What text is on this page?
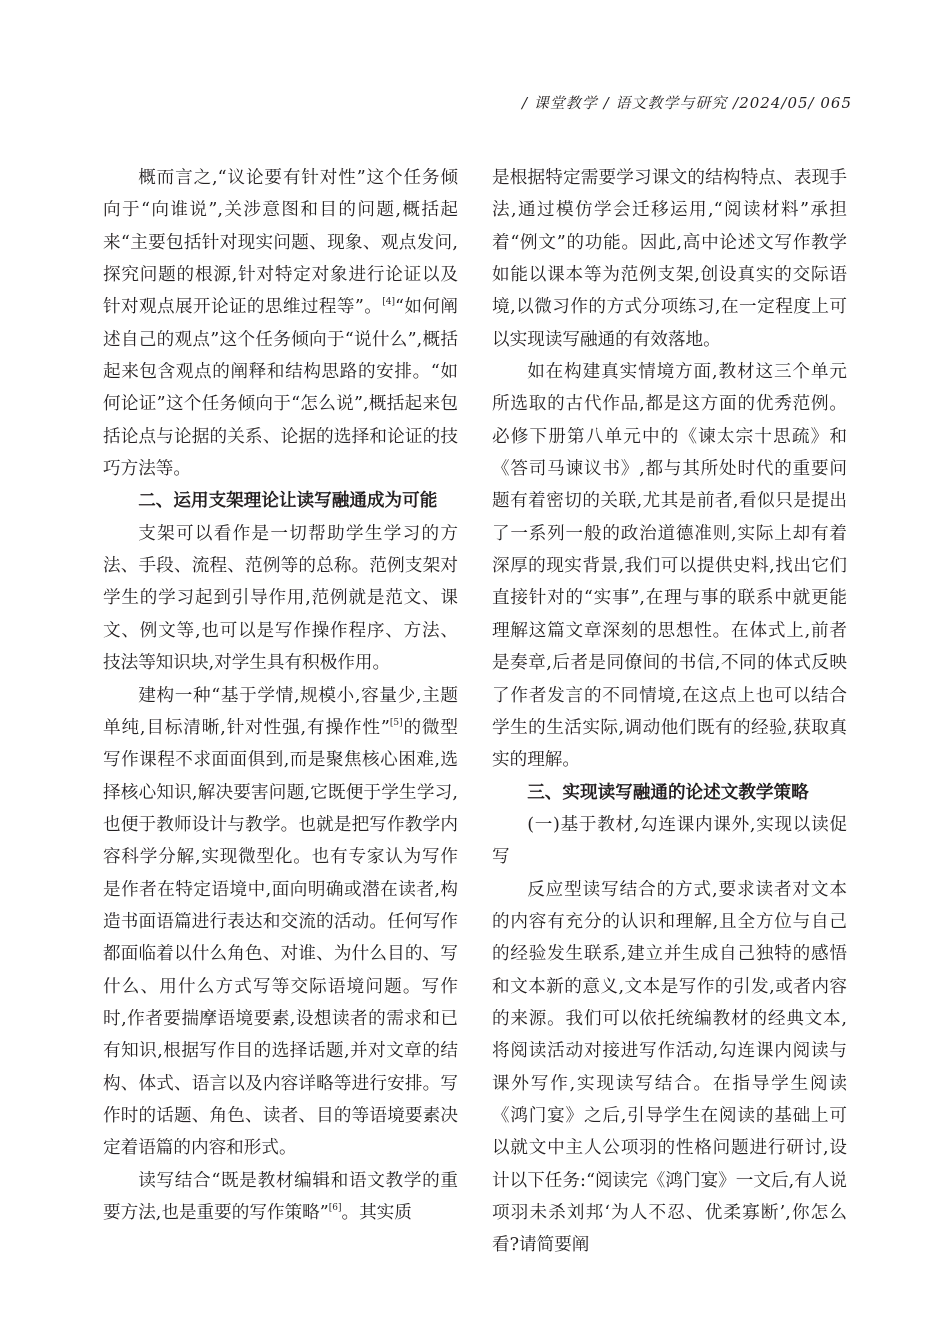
/ 课堂教学 / 语文教学与研究 /2024/05/ 065

概而言之,“议论要有针对性”这个任务倾向于“向谁说”,关涉意图和目的问题,概括起来“主要包括针对现实问题、现象、观点发问,探究问题的根源,针对特定对象进行论证以及针对观点展开论证的思维过程等”。[4]“如何阐述自己的观点”这个任务倾向于“说什么”,概括起来包含观点的阐释和结构思路的安排。“如何论证”这个任务倾向于“怎么说”,概括起来包括论点与论据的关系、论据的选择和论证的技巧方法等。

二、运用支架理论让读写融通成为可能

支架可以看作是一切帮助学生学习的方法、手段、流程、范例等的总称。范例支架对学生的学习起到引导作用,范例就是范文、课文、例文等,也可以是写作操作程序、方法、技法等知识块,对学生具有积极作用。

建构一种“基于学情,规模小,容量少,主题单纯,目标清晰,针对性强,有操作性”[5]的微型写作课程不求面面俱到,而是聚焦核心困难,选择核心知识,解决要害问题,它既便于学生学习,也便于教师设计与教学。也就是把写作教学内容科学分解,实现微型化。也有专家认为写作是作者在特定语境中,面向明确或潜在读者,构造书面语篇进行表达和交流的活动。任何写作都面临着以什么角色、对谁、为什么目的、写什么、用什么方式写等交际语境问题。写作时,作者要揣摩语境要素,设想读者的需求和已有知识,根据写作目的选择话题,并对文章的结构、体式、语言以及内容详略等进行安排。写作时的话题、角色、读者、目的等语境要素决定着语篇的内容和形式。

读写结合“既是教材编辑和语文教学的重要方法,也是重要的写作策略”[6]。其实质

是根据特定需要学习课文的结构特点、表现手法,通过模仿学会迁移运用,“阅读材料”承担着“例文”的功能。因此,高中论述文写作教学如能以课本等为范例支架,创设真实的交际语境,以微习作的方式分项练习,在一定程度上可以实现读写融通的有效落地。

如在构建真实情境方面,教材这三个单元所选取的古代作品,都是这方面的优秀范例。必修下册第八单元中的《谏太宗十思疏》和《答司马谏议书》,都与其所处时代的重要问题有着密切的关联,尤其是前者,看似只是提出了一系列一般的政治道德准则,实际上却有着深厚的现实背景,我们可以提供史料,找出它们直接针对的“实事”,在理与事的联系中就更能理解这篇文章深刻的思想性。在体式上,前者是奏章,后者是同僚间的书信,不同的体式反映了作者发言的不同情境,在这点上也可以结合学生的生活实际,调动他们既有的经验,获取真实的理解。

三、实现读写融通的论述文教学策略

(一)基于教材,勾连课内课外,实现以读促写

反应型读写结合的方式,要求读者对文本的内容有充分的认识和理解,且全方位与自己的经验发生联系,建立并生成自己独特的感悟和文本新的意义,文本是写作的引发,或者内容的来源。我们可以依托统编教材的经典文本,将阅读活动对接进写作活动,勾连课内阅读与课外写作,实现读写结合。在指导学生阅读《鸿门宴》之后,引导学生在阅读的基础上可以就文中主人公项羽的性格问题进行研讨,设计以下任务:“阅读完《鸿门宴》一文后,有人说项羽未杀刘邦‘为人不忍、优柔寡断’,你怎么看?请简要阐
